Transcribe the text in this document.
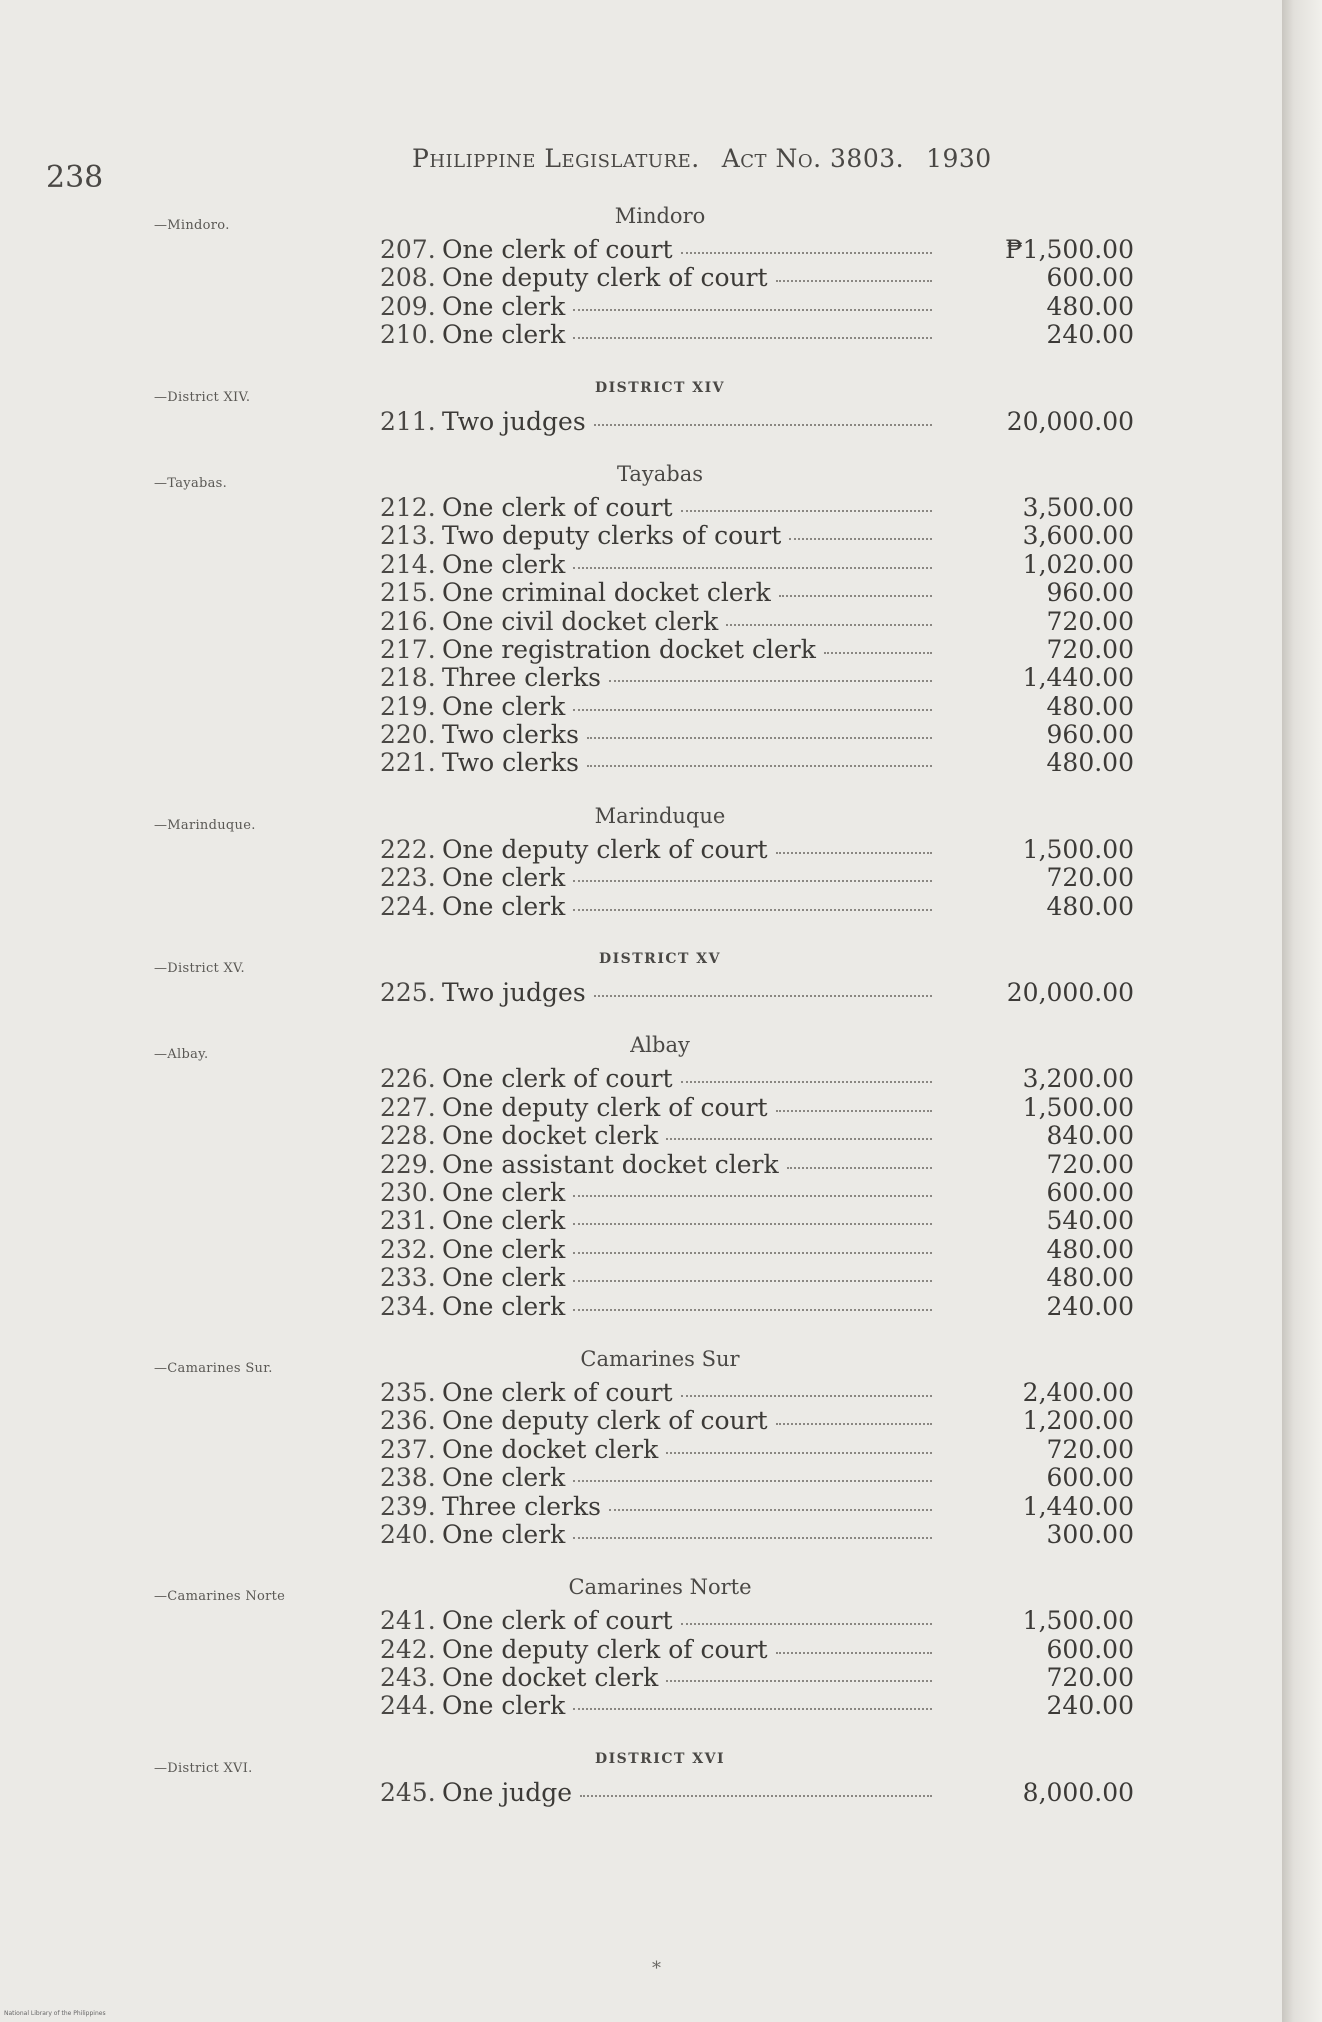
238
Philippine Legislature. Act No. 3803. 1930
—Mindoro.	Mindoro
207. One clerk of court	₱1,500.00
208. One deputy clerk of court	600.00
209. One clerk	480.00
210. One clerk	240.00
—District XIV.
DISTRICT XIV
211. Two judges	20,000.00
—Tayabas.	Tayabas
212. One clerk of court	3,500.00
213. Two deputy clerks of court	3,600.00
214. One clerk	1,020.00
215. One criminal docket clerk	960.00
216. One civil docket clerk	720.00
217. One registration docket clerk	720.00
218. Three clerks	1,440.00
219. One clerk	480.00
220. Two clerks	960.00
221. Two clerks	480.00
—Marinduque.	Marinduque
222. One deputy clerk of court	1,500.00
223. One clerk	720.00
224. One clerk	480.00
—District XV.
DISTRICT XV
225. Two judges	20,000.00
—Albay.	Albay
226. One clerk of court	3,200.00
227. One deputy clerk of court	1,500.00
228. One docket clerk	840.00
229. One assistant docket clerk	720.00
230. One clerk	600.00
231. One clerk	540.00
232. One clerk	480.00
233. One clerk	480.00
234. One clerk	240.00
—Camarines Sur.	Camarines Sur
235. One clerk of court	2,400.00
236. One deputy clerk of court	1,200.00
237. One docket clerk	720.00
238. One clerk	600.00
239. Three clerks	1,440.00
240. One clerk	300.00
—Camarines Norte	Camarines Norte
241. One clerk of court	1,500.00
242. One deputy clerk of court	600.00
243. One docket clerk	720.00
244. One clerk	240.00
—District XVI.
DISTRICT XVI
245. One judge	8,000.00
*
National Library of the Philippines
